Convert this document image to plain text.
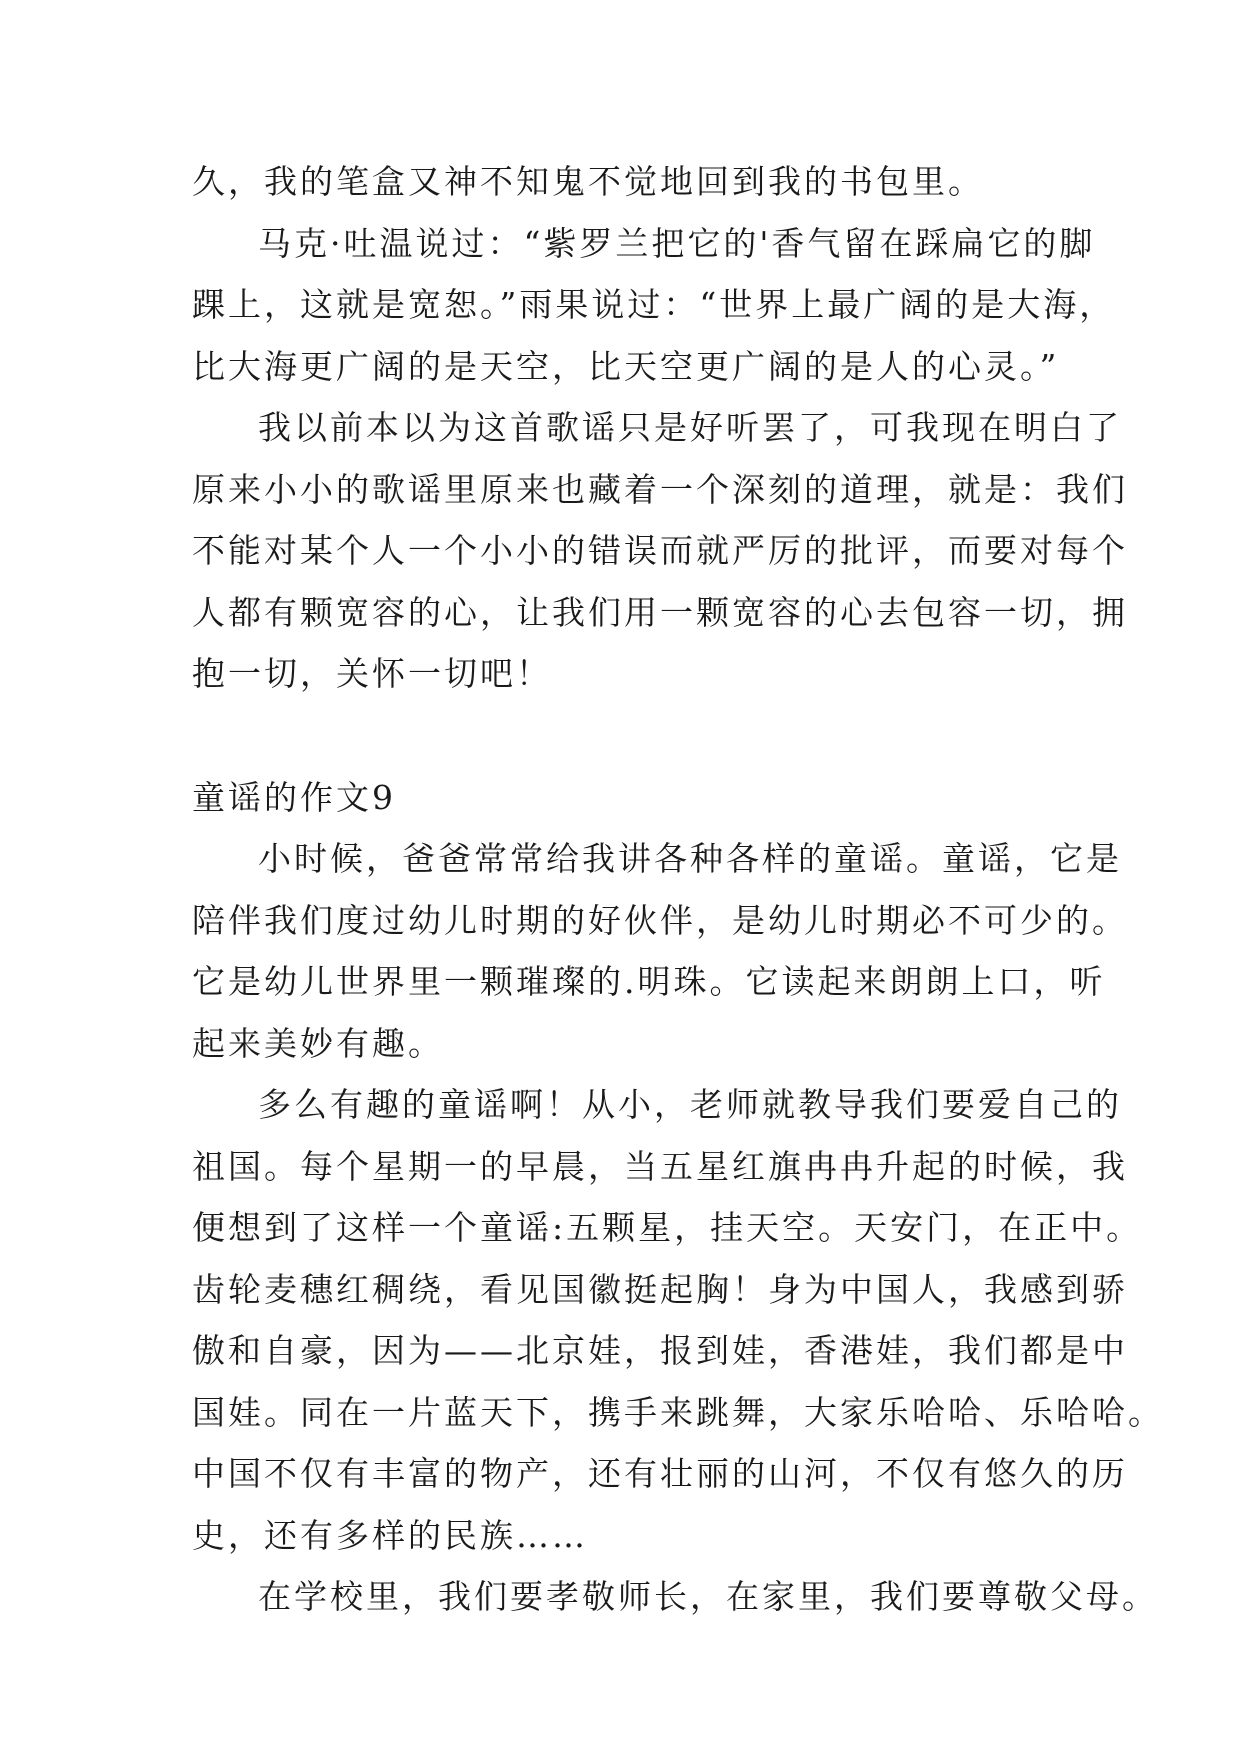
久，我的笔盒又神不知鬼不觉地回到我的书包里。
马克·吐温说过：“紫罗兰把它的'香气留在踩扁它的脚
踝上，这就是宽恕。”雨果说过：“世界上最广阔的是大海，
比大海更广阔的是天空，比天空更广阔的是人的心灵。”
我以前本以为这首歌谣只是好听罢了，可我现在明白了
原来小小的歌谣里原来也藏着一个深刻的道理，就是：我们
不能对某个人一个小小的错误而就严厉的批评，而要对每个
人都有颗宽容的心，让我们用一颗宽容的心去包容一切，拥
抱一切，关怀一切吧！
童谣的作文9
小时候，爸爸常常给我讲各种各样的童谣。童谣，它是
陪伴我们度过幼儿时期的好伙伴，是幼儿时期必不可少的。
它是幼儿世界里一颗璀璨的.明珠。它读起来朗朗上口，听
起来美妙有趣。
多么有趣的童谣啊！从小，老师就教导我们要爱自己的
祖国。每个星期一的早晨，当五星红旗冉冉升起的时候，我
便想到了这样一个童谣:五颗星，挂天空。天安门，在正中。
齿轮麦穗红稠绕，看见国徽挺起胸！身为中国人，我感到骄
傲和自豪，因为——北京娃，报到娃，香港娃，我们都是中
国娃。同在一片蓝天下，携手来跳舞，大家乐哈哈、乐哈哈。
中国不仅有丰富的物产，还有壮丽的山河，不仅有悠久的历
史，还有多样的民族……
在学校里，我们要孝敬师长，在家里，我们要尊敬父母。
